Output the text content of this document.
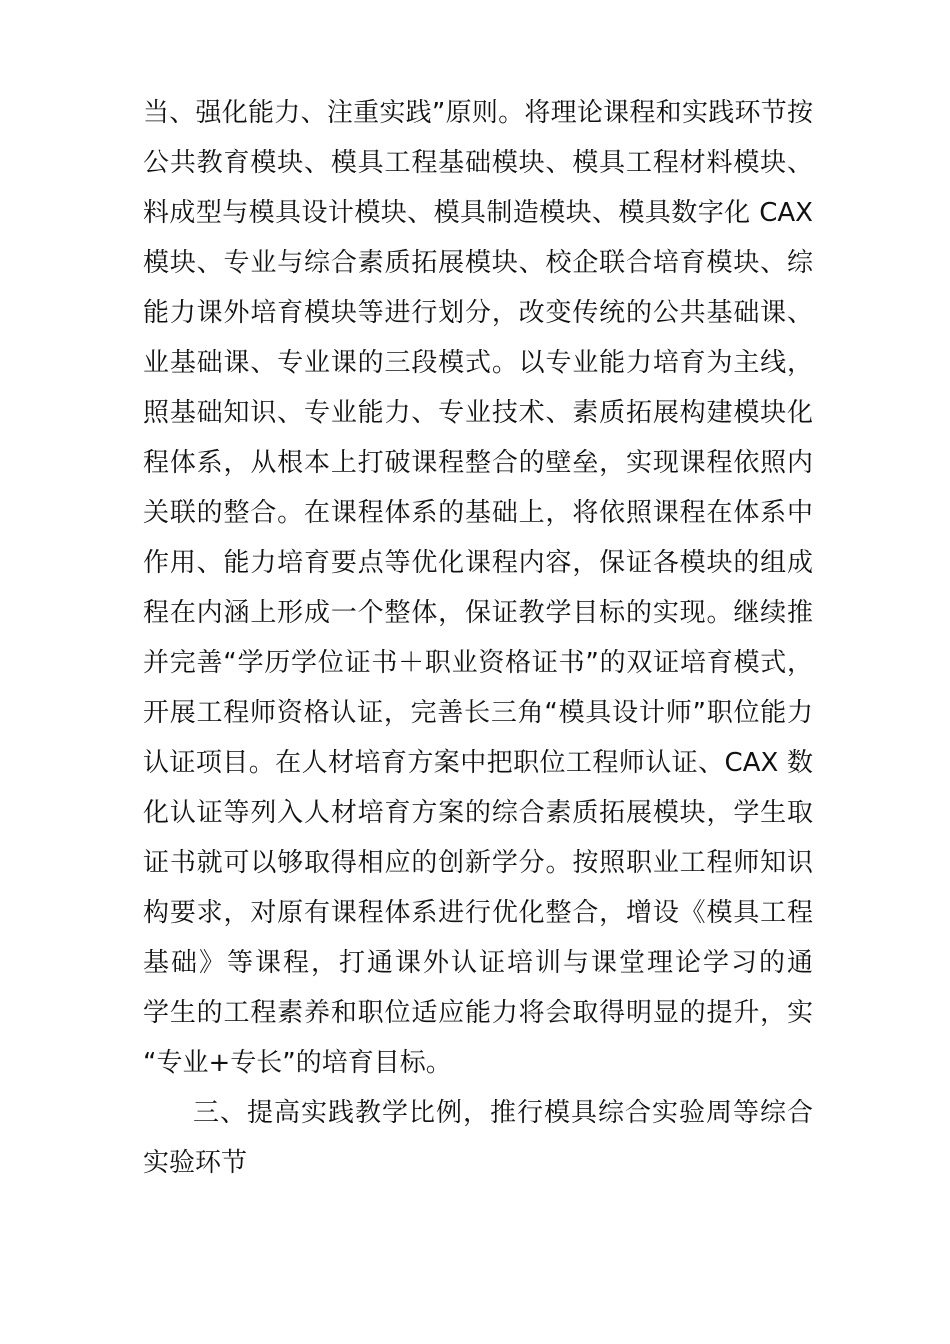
当、强化能力、注重实践”原则。将理论课程和实践环节按
公共教育模块、模具工程基础模块、模具工程材料模块、
料成型与模具设计模块、模具制造模块、模具数字化 CAX
模块、专业与综合素质拓展模块、校企联合培育模块、综
能力课外培育模块等进行划分，改变传统的公共基础课、
业基础课、专业课的三段模式。以专业能力培育为主线，
照基础知识、专业能力、专业技术、素质拓展构建模块化
程体系，从根本上打破课程整合的壁垒，实现课程依照内
关联的整合。在课程体系的基础上，将依照课程在体系中
作用、能力培育要点等优化课程内容，保证各模块的组成
程在内涵上形成一个整体，保证教学目标的实现。继续推
并完善“学历学位证书＋职业资格证书”的双证培育模式，
开展工程师资格认证，完善长三角“模具设计师”职位能力
认证项目。在人材培育方案中把职位工程师认证、CAX 数
化认证等列入人材培育方案的综合素质拓展模块，学生取
证书就可以够取得相应的创新学分。按照职业工程师知识
构要求，对原有课程体系进行优化整合，增设《模具工程
基础》等课程，打通课外认证培训与课堂理论学习的通
学生的工程素养和职位适应能力将会取得明显的提升，实
“专业+专长”的培育目标。
三、提高实践教学比例，推行模具综合实验周等综合
实验环节
